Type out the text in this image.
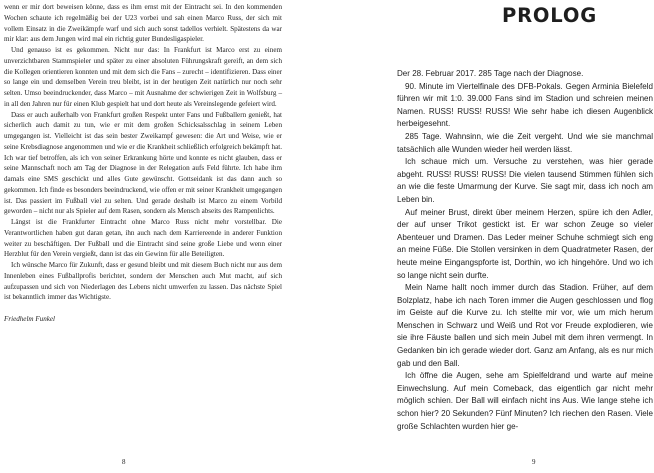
wenn er mir dort beweisen könne, dass es ihm ernst mit der Eintracht sei. In den kommenden Wochen schaute ich regelmäßig bei der U23 vorbei und sah einen Marco Russ, der sich mit vollem Einsatz in die Zweikämpfe warf und sich auch sonst tadellos verhielt. Spätestens da war mir klar: aus dem Jungen wird mal ein richtig guter Bundesligaspieler.

Und genauso ist es gekommen. Nicht nur das: In Frankfurt ist Marco erst zu einem unverzichtbaren Stammspieler und später zu einer absoluten Führungskraft gereift, an dem sich die Kollegen orientieren konnten und mit dem sich die Fans – zurecht – identifizieren. Dass einer so lange ein und demselben Verein treu bleibt, ist in der heutigen Zeit natürlich nur noch sehr selten. Umso beeindruckender, dass Marco – mit Ausnahme der schwierigen Zeit in Wolfsburg – in all den Jahren nur für einen Klub gespielt hat und dort heute als Vereinslegende gefeiert wird.

Dass er auch außerhalb von Frankfurt großen Respekt unter Fans und Fußballern genießt, hat sicherlich auch damit zu tun, wie er mit dem großen Schicksalsschlag in seinem Leben umgegangen ist. Vielleicht ist das sein bester Zweikampf gewesen: die Art und Weise, wie er seine Krebsdiagnose angenommen und wie er die Krankheit schließlich erfolgreich bekämpft hat. Ich war tief betroffen, als ich von seiner Erkrankung hörte und konnte es nicht glauben, dass er seine Mannschaft noch am Tag der Diagnose in der Relegation aufs Feld führte. Ich habe ihm damals eine SMS geschickt und alles Gute gewünscht. Gottseidank ist das dann auch so gekommen. Ich finde es besonders beeindruckend, wie offen er mit seiner Krankheit umgegangen ist. Das passiert im Fußball viel zu selten. Und gerade deshalb ist Marco zu einem Vorbild geworden – nicht nur als Spieler auf dem Rasen, sondern als Mensch abseits des Rampenlichts.

Längst ist die Frankfurter Eintracht ohne Marco Russ nicht mehr vorstellbar. Die Verantwortlichen haben gut daran getan, ihn auch nach dem Karriereende in anderer Funktion weiter zu beschäftigen. Der Fußball und die Eintracht sind seine große Liebe und wenn einer Herzblut für den Verein vergießt, dann ist das ein Gewinn für alle Beteiligten.

Ich wünsche Marco für Zukunft, dass er gesund bleibt und mit diesem Buch nicht nur aus dem Innenleben eines Fußballprofis berichtet, sondern der Menschen auch Mut macht, auf sich aufzupassen und sich von Niederlagen des Lebens nicht umwerfen zu lassen. Das nächste Spiel ist bekanntlich immer das Wichtigste.

Friedhelm Funkel

8
PROLOG

Der 28. Februar 2017. 285 Tage nach der Diagnose.

90. Minute im Viertelfinale des DFB-Pokals. Gegen Arminia Bielefeld führen wir mit 1:0. 39.000 Fans sind im Stadion und schreien meinen Namen. RUSS! RUSS! RUSS! Wie sehr habe ich diesen Augenblick herbeigesehnt.

285 Tage. Wahnsinn, wie die Zeit vergeht. Und wie sie manchmal tatsächlich alle Wunden wieder heil werden lässt.

Ich schaue mich um. Versuche zu verstehen, was hier gerade abgeht. RUSS! RUSS! RUSS! Die vielen tausend Stimmen fühlen sich an wie die feste Umarmung der Kurve. Sie sagt mir, dass ich noch am Leben bin.

Auf meiner Brust, direkt über meinem Herzen, spüre ich den Adler, der auf unser Trikot gestickt ist. Er war schon Zeuge so vieler Abenteuer und Dramen. Das Leder meiner Schuhe schmiegt sich eng an meine Füße. Die Stollen versinken in dem Quadratmeter Rasen, der heute meine Eingangspforte ist, Dorthin, wo ich hingehöre. Und wo ich so lange nicht sein durfte.

Mein Name hallt noch immer durch das Stadion. Früher, auf dem Bolzplatz, habe ich nach Toren immer die Augen geschlossen und flog im Geiste auf die Kurve zu. Ich stellte mir vor, wie um mich herum Menschen in Schwarz und Weiß und Rot vor Freude explodieren, wie sie ihre Fäuste ballen und sich mein Jubel mit dem ihren vermengt. In Gedanken bin ich gerade wieder dort. Ganz am Anfang, als es nur mich gab und den Ball.

Ich öffne die Augen, sehe am Spielfeldrand und warte auf meine Einwechslung. Auf mein Comeback, das eigentlich gar nicht mehr möglich schien. Der Ball will einfach nicht ins Aus. Wie lange stehe ich schon hier? 20 Sekunden? Fünf Minuten? Ich riechen den Rasen. Viele große Schlachten wurden hier ge-

9
